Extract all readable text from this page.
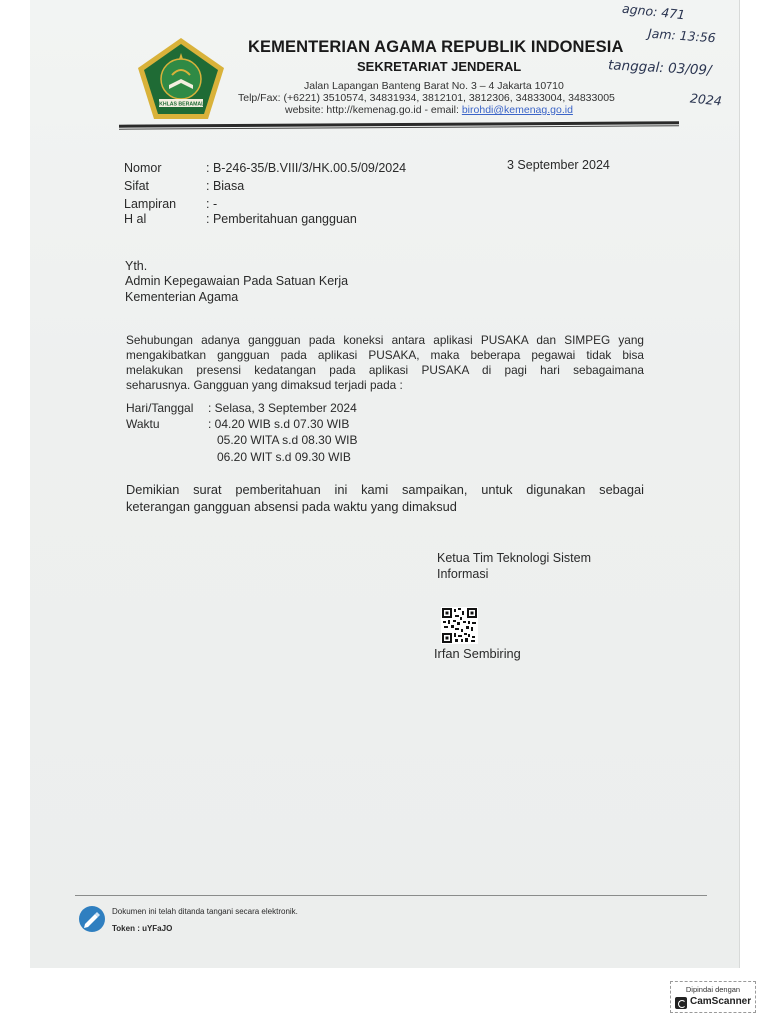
IKHLAS BERAMAL
KEMENTERIAN AGAMA REPUBLIK INDONESIA
SEKRETARIAT JENDERAL
Jalan Lapangan Banteng Barat No. 3 – 4 Jakarta 10710
Telp/Fax: (+6221) 3510574, 34831934, 3812101, 3812306, 34833004, 34833005
website: http://kemenag.go.id - email: birohdi@kemenag.go.id
agno: 471
Jam: 13:56
tanggal: 03/09/
2024
Nomor	: B-246-35/B.VIII/3/HK.00.5/09/2024	3 September 2024
Sifat	: Biasa
Lampiran : -
H al	: Pemberitahuan gangguan
Yth.
Admin Kepegawaian Pada Satuan Kerja
Kementerian Agama
Sehubungan adanya gangguan pada koneksi antara aplikasi PUSAKA dan SIMPEG yang
mengakibatkan gangguan pada aplikasi PUSAKA, maka beberapa pegawai tidak bisa
melakukan presensi kedatangan pada aplikasi PUSAKA di pagi hari sebagaimana
seharusnya. Gangguan yang dimaksud terjadi pada :
Hari/Tanggal : Selasa, 3 September 2024
Waktu	: 04.20 WIB s.d 07.30 WIB
05.20 WITA s.d 08.30 WIB
06.20 WIT s.d 09.30 WIB
Demikian surat pemberitahuan ini kami sampaikan, untuk digunakan sebagai
keterangan gangguan absensi pada waktu yang dimaksud
Ketua Tim Teknologi Sistem
Informasi
Irfan Sembiring
Dokumen ini telah ditanda tangani secara elektronik.
Token : uYFaJO
Dipindai dengan
CamScanner
